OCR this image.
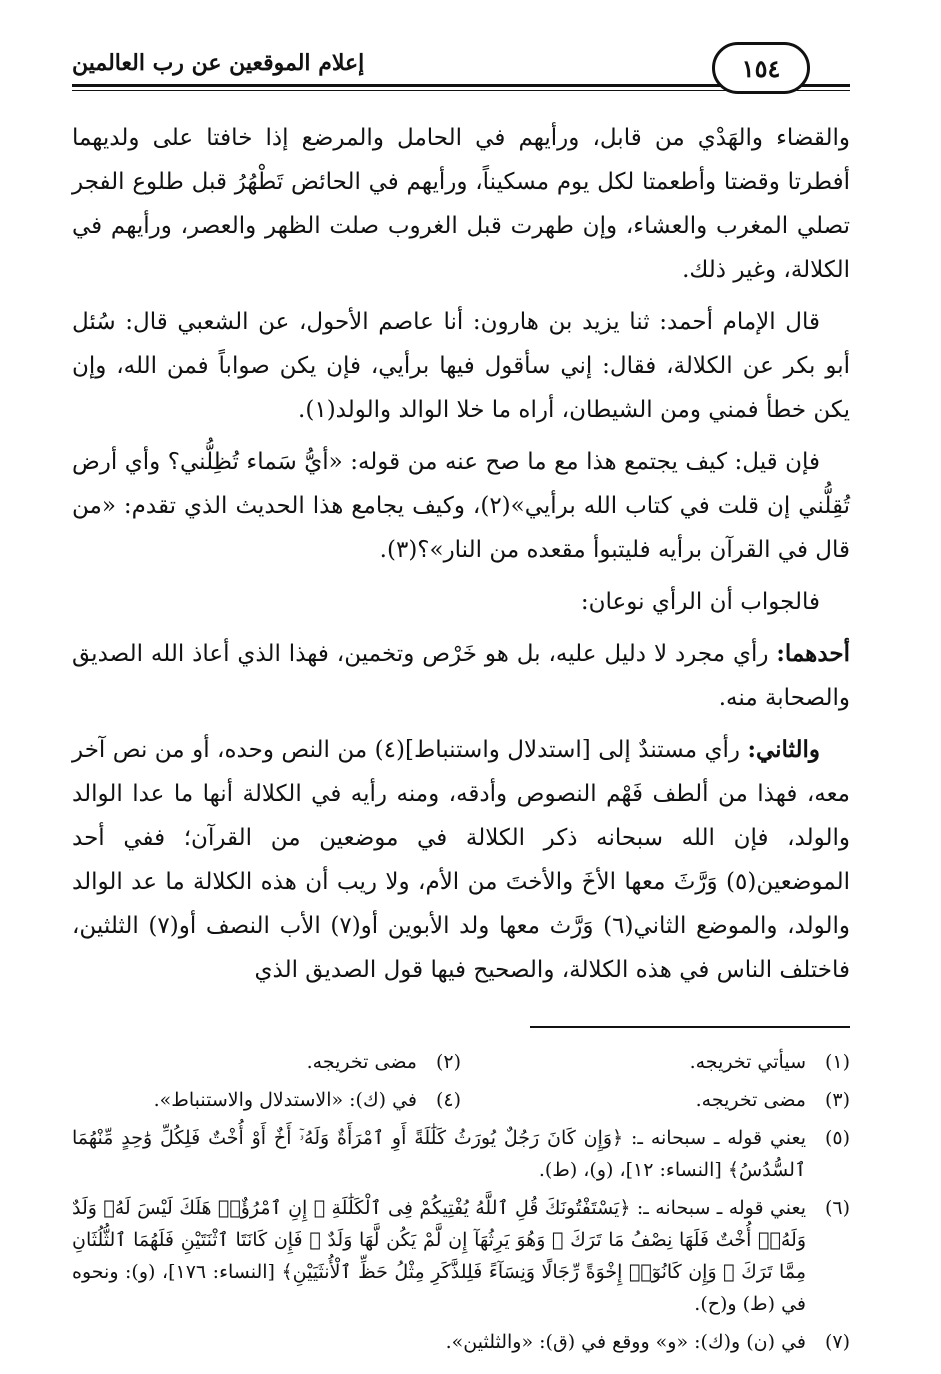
١٥٤
إعلام الموقعين عن رب العالمين

والقضاء والهَدْي من قابل، ورأيهم في الحامل والمرضع إذا خافتا على ولديهما أفطرتا وقضتا وأطعمتا لكل يوم مسكيناً، ورأيهم في الحائض تَطْهُرُ قبل طلوع الفجر تصلي المغرب والعشاء، وإن طهرت قبل الغروب صلت الظهر والعصر، ورأيهم في الكلالة، وغير ذلك.

قال الإمام أحمد: ثنا يزيد بن هارون: أنا عاصم الأحول، عن الشعبي قال: سُئل أبو بكر عن الكلالة، فقال: إني سأقول فيها برأيي، فإن يكن صواباً فمن الله، وإن يكن خطأ فمني ومن الشيطان، أراه ما خلا الوالد والولد(١).

فإن قيل: كيف يجتمع هذا مع ما صح عنه من قوله: «أيُّ سَماء تُظِلُّني؟ وأي أرض تُقِلُّني إن قلت في كتاب الله برأيي»(٢)، وكيف يجامع هذا الحديث الذي تقدم: «من قال في القرآن برأيه فليتبوأ مقعده من النار»؟(٣).

فالجواب أن الرأي نوعان:

أحدهما: رأي مجرد لا دليل عليه، بل هو خَرْص وتخمين، فهذا الذي أعاذ الله الصديق والصحابة منه.

والثاني: رأي مستندٌ إلى [استدلال واستنباط](٤) من النص وحده، أو من نص آخر معه، فهذا من ألطف فَهْم النصوص وأدقه، ومنه رأيه في الكلالة أنها ما عدا الوالد والولد، فإن الله سبحانه ذكر الكلالة في موضعين من القرآن؛ ففي أحد الموضعين(٥) وَرَّثَ معها الأخَ والأختَ من الأم، ولا ريب أن هذه الكلالة ما عد الوالد والولد، والموضع الثاني(٦) وَرَّث معها ولد الأبوين أو(٧) الأب النصف أو(٧) الثلثين، فاختلف الناس في هذه الكلالة، والصحيح فيها قول الصديق الذي

(١)
سيأتي تخريجه.
(٢)
مضى تخريجه.
(٣)
مضى تخريجه.
(٤)
في (ك): «الاستدلال والاستنباط».
(٥)
يعني قوله ـ سبحانه ـ: ﴿وَإِن كَانَ رَجُلٌ يُورَثُ كَلَٰلَةً أَوِ ٱمْرَأَةٌ وَلَهُۥٓ أَخٌ أَوْ أُخْتٌ فَلِكُلِّ وَٰحِدٍ مِّنْهُمَا ٱلسُّدُسُ﴾ [النساء: ١٢]، (و)، (ط).
(٦)
يعني قوله ـ سبحانه ـ: ﴿يَسْتَفْتُونَكَ قُلِ ٱللَّهُ يُفْتِيكُمْ فِى ٱلْكَلَٰلَةِ ۚ إِنِ ٱمْرُؤٌا۟ هَلَكَ لَيْسَ لَهُۥ وَلَدٌ وَلَهُۥٓ أُخْتٌ فَلَهَا نِصْفُ مَا تَرَكَ ۚ وَهُوَ يَرِثُهَآ إِن لَّمْ يَكُن لَّهَا وَلَدٌ ۚ فَإِن كَانَتَا ٱثْنَتَيْنِ فَلَهُمَا ٱلثُّلُثَانِ مِمَّا تَرَكَ ۚ وَإِن كَانُوٓا۟ إِخْوَةً رِّجَالًا وَنِسَآءً فَلِلذَّكَرِ مِثْلُ حَظِّ ٱلْأُنثَيَيْنِ﴾ [النساء: ١٧٦]، (و): ونحوه في (ط) و(ح).
(٧)
في (ن) و(ك): «و» ووقع في (ق): «والثلثين».
